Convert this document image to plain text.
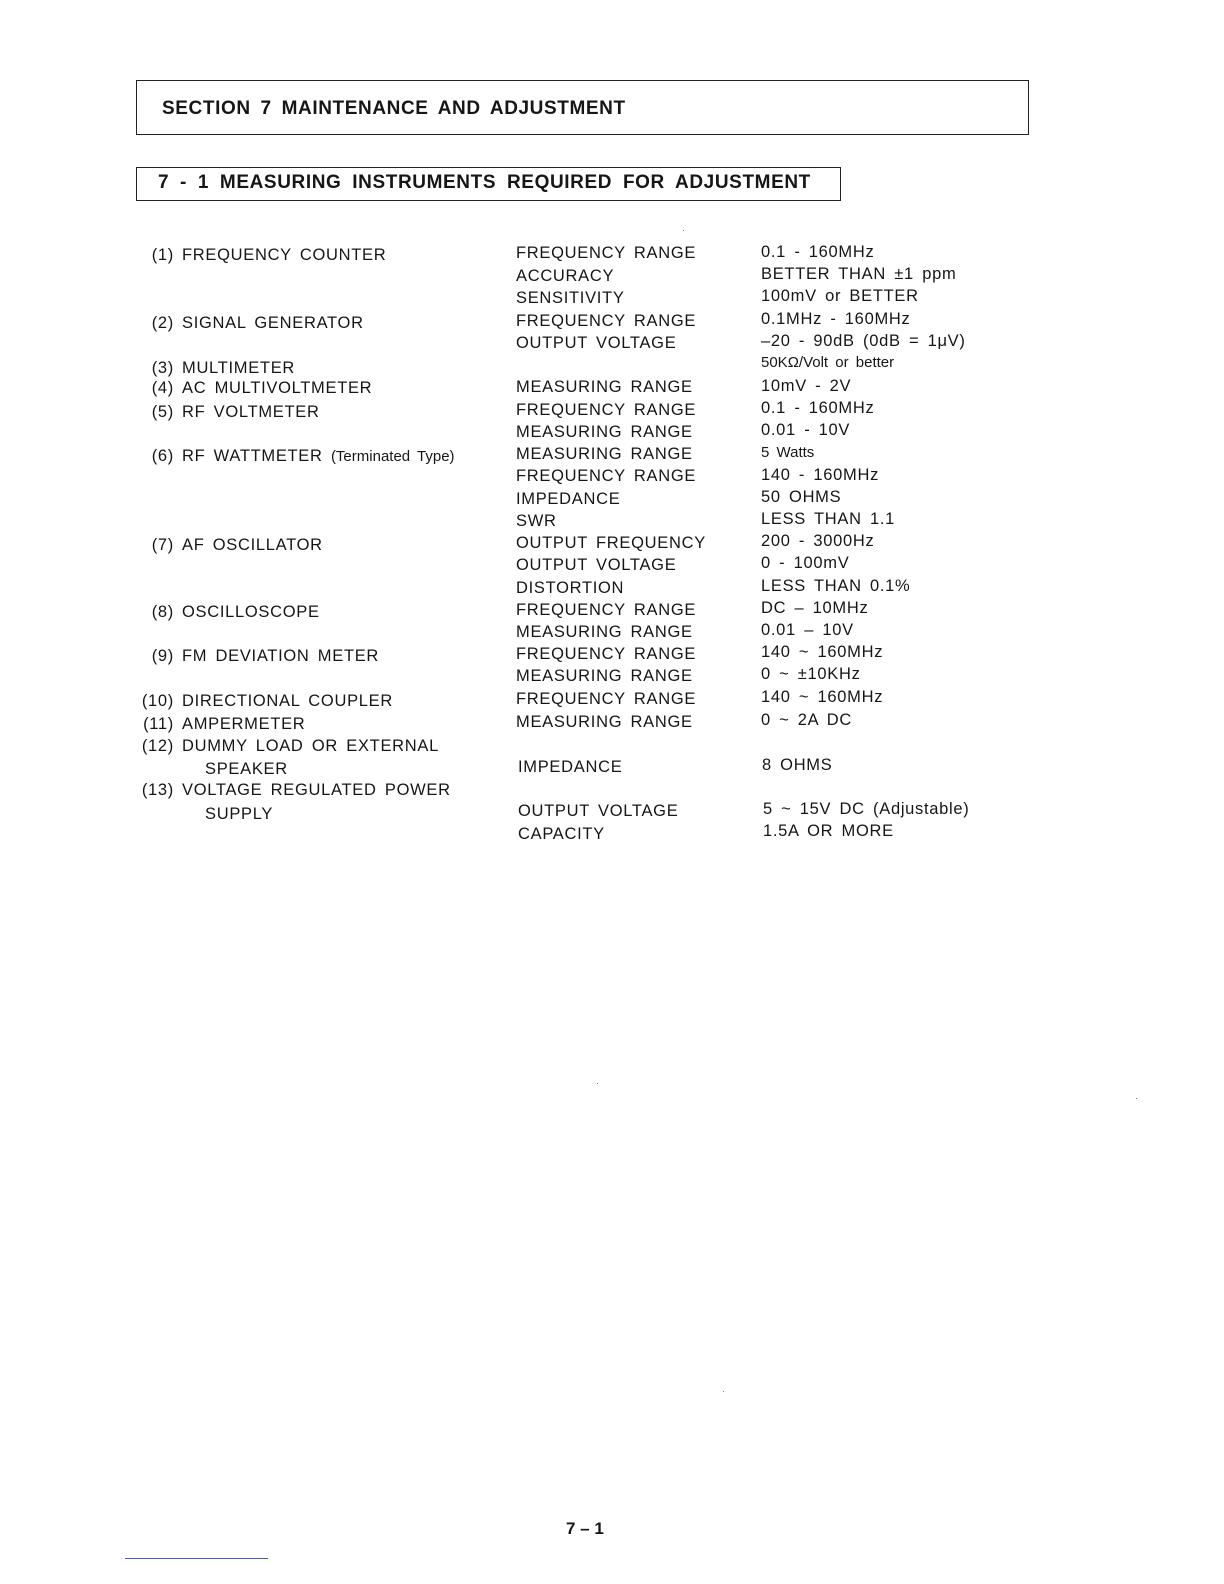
SECTION 7 MAINTENANCE AND ADJUSTMENT
7 - 1 MEASURING INSTRUMENTS REQUIRED FOR ADJUSTMENT
(1) FREQUENCY COUNTER	FREQUENCY RANGE	0.1 - 160MHz
ACCURACY	BETTER THAN ±1 ppm
SENSITIVITY	100mV or BETTER
(2) SIGNAL GENERATOR	FREQUENCY RANGE	0.1MHz - 160MHz
OUTPUT VOLTAGE	–20 - 90dB (0dB = 1μV)
(3) MULTIMETER	50KΩ/Volt or better
(4) AC MULTIVOLTMETER	MEASURING RANGE	10mV - 2V
(5) RF VOLTMETER	FREQUENCY RANGE	0.1 - 160MHz
MEASURING RANGE	0.01 - 10V
(6) RF WATTMETER (Terminated Type)	MEASURING RANGE	5 Watts
FREQUENCY RANGE	140 - 160MHz
IMPEDANCE	50 OHMS
SWR	LESS THAN 1.1
(7) AF OSCILLATOR	OUTPUT FREQUENCY	200 - 3000Hz
OUTPUT VOLTAGE	0 - 100mV
DISTORTION	LESS THAN 0.1%
(8) OSCILLOSCOPE	FREQUENCY RANGE	DC – 10MHz
MEASURING RANGE	0.01 – 10V
(9) FM DEVIATION METER	FREQUENCY RANGE	140 ~ 160MHz
MEASURING RANGE	0 ~ ±10KHz
(10) DIRECTIONAL COUPLER	FREQUENCY RANGE	140 ~ 160MHz
(11) AMPERMETER	MEASURING RANGE	0 ~ 2A DC
(12) DUMMY LOAD OR EXTERNAL
SPEAKER	IMPEDANCE	8 OHMS
(13) VOLTAGE REGULATED POWER
SUPPLY	OUTPUT VOLTAGE	5 ~ 15V DC (Adjustable)
CAPACITY	1.5A OR MORE
7 – 1
